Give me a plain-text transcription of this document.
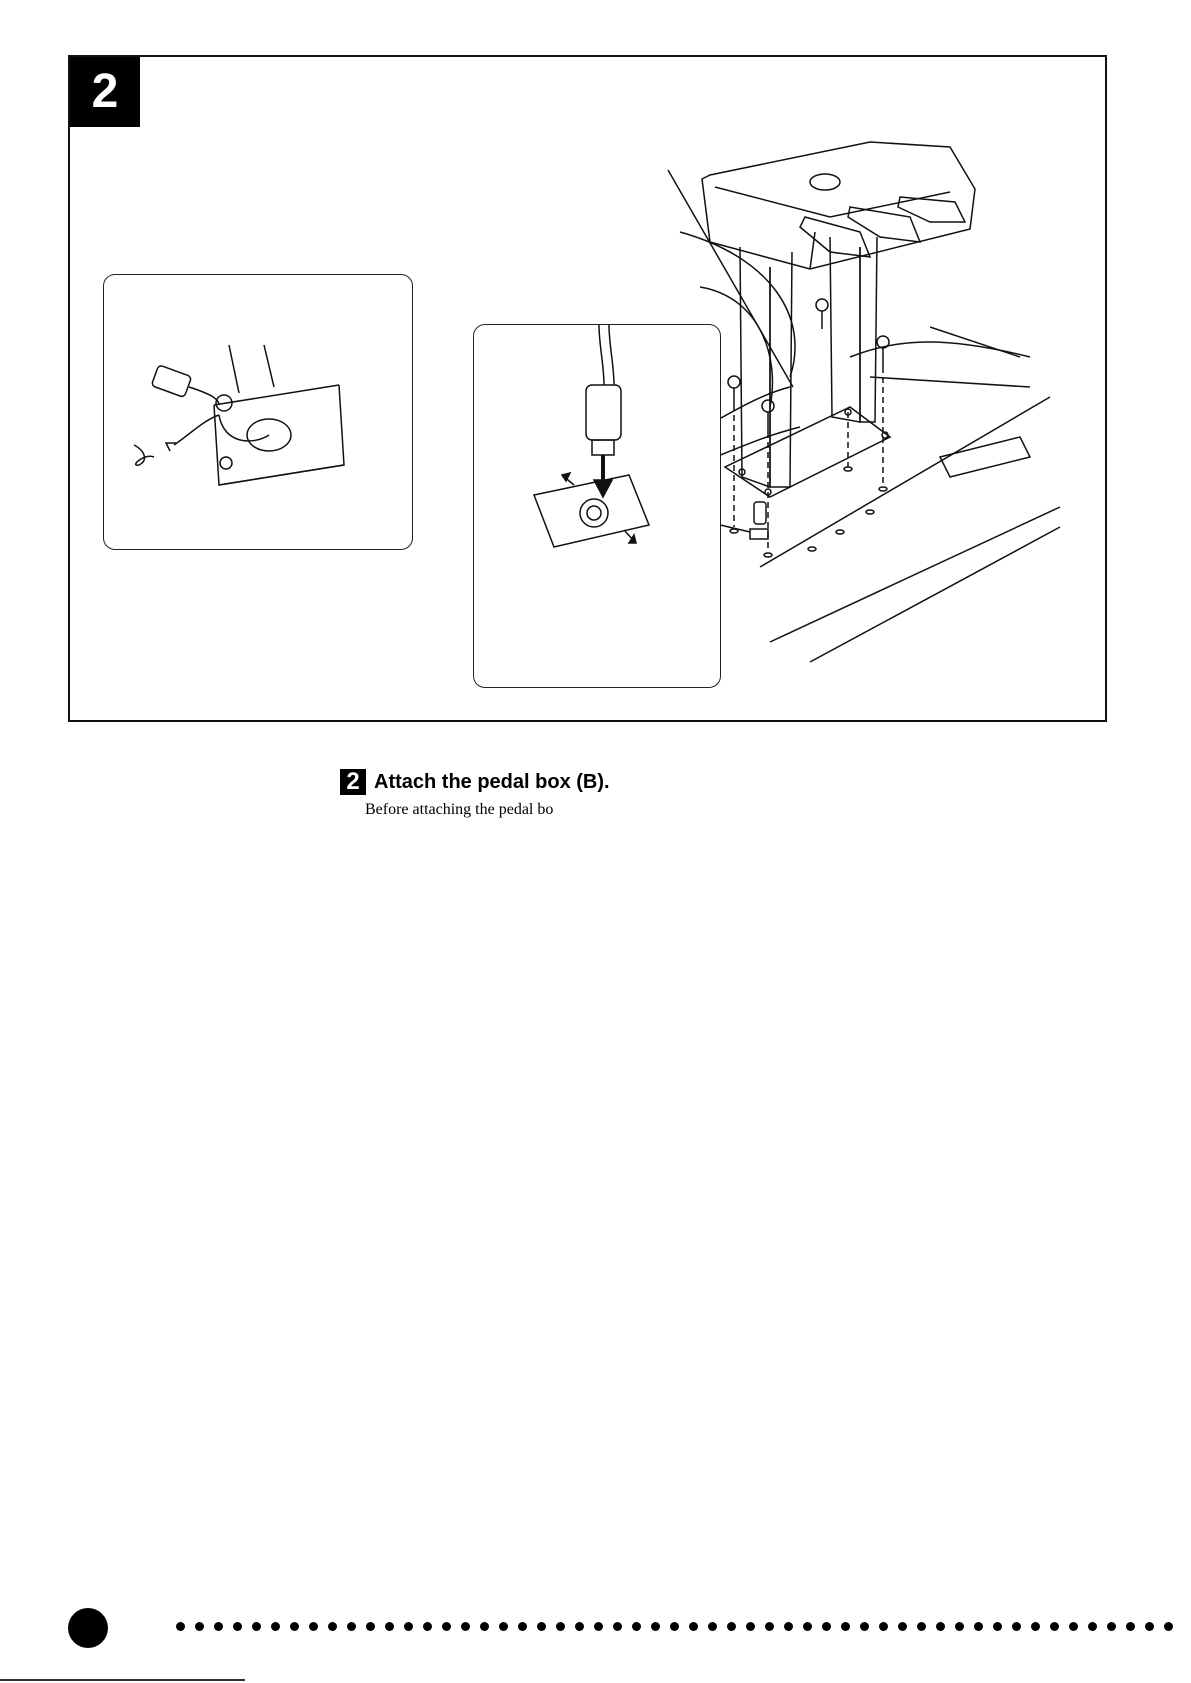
2
2 Attach the pedal box (B).
Before attaching the pedal bo
